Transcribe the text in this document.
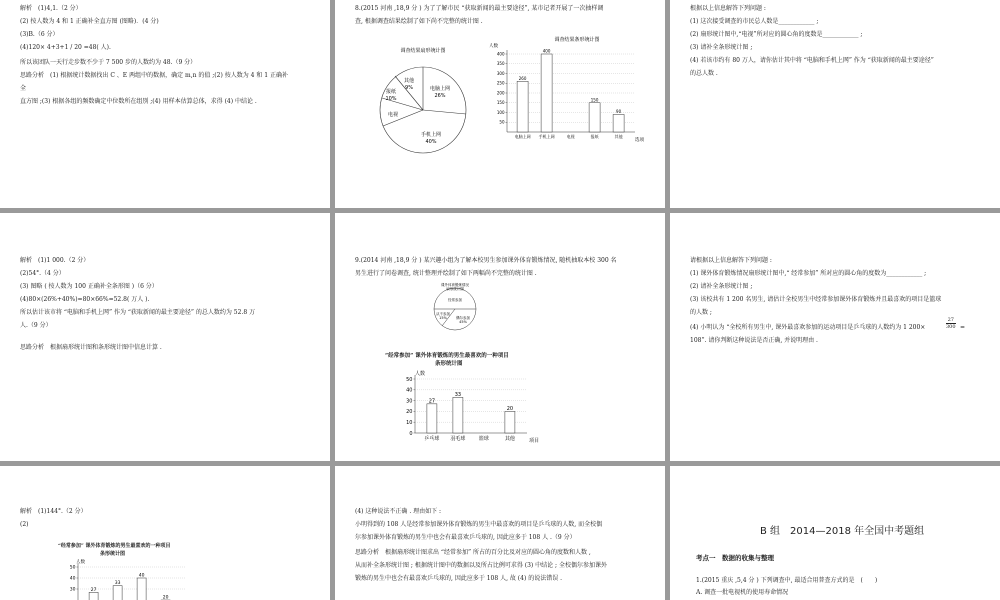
解析　(1)4,1.（2 分）

(2) 按人数为 4 和 1 正确补全直方图 (图略)．(4 分)

(3)B.（6 分）

(4)120× 4+3+1 / 20 =48( 人).

所以该团队一天行走步数不少于 7 500 步的人数约为 48.（9 分）

思路分析　(1) 根据统计数据找出 C 、E 两组中的数据，确定 m,n 的值 ;(2) 按人数为 4 和 1 正确补

全

直方图 ;(3) 根据各组的频数确定中位数所在组别 ;(4) 用样本估算总体，求得 (4) 中结论 .

8.(2015 河南 ,18,9 分 ) 为了了解市民 “获取新闻的最主要途径”, 某市记者开展了一次抽样调

查, 根据调查结果绘制了如下尚不完整的统计图 .

调查结果扇形统计图
电脑上网
26%
手机上网
40%
电视
报纸
10%
其他
9%
调查结果条形统计图
人数
选项
400
350
300
250
200
150
100
50
260
电脑上网
400
手机上网	电视
150
报纸
90
其他

根据以上信息解答下列问题 :

(1) 这次接受调查的市民总人数是____________ ;

(2) 扇形统计图中,“电视”所对应的圆心角的度数是____________ ;

(3) 请补全条形统计图 ;

(4) 若该市约有 80 万人，请你估计其中将 “电脑和手机上网” 作为 “获取新闻的最主要途径”

的总人数 .

解析　(1)1 000.（2 分）

(2)54°.（4 分）

(3) 图略 ( 按人数为 100 正确补全条形图 )（6 分）

(4)80×(26%+40%)=80×66%=52.8( 万人 ).

所以估计该市将 “电脑和手机上网” 作为 “获取新闻的最主要途径” 的总人数约为 52.8 万

人.（9 分）

思路分析　根据扇形统计图和条形统计图中信息计算 .

9.(2014 河南 ,18,9 分 ) 某兴趣小组为了解本校男生参加课外体育锻炼情况, 随机抽取本校 300 名

男生进行了问卷调查, 统计整理并绘制了如下两幅尚不完整的统计图 .

课外体育锻炼情况
扇形统计图
经常参加
从不参加
15%	偶尔参加
45%

“经常参加” 课外体育锻炼的男生最喜欢的一种项目

条形统计图

人数
项目
50
40
30
20
10
0
27
乒乓球
33
羽毛球	篮球
20
其他

请根据以上信息解答下列问题 :

(1) 课外体育锻炼情况扇形统计图中,“ 经常参加” 所对应的圆心角的度数为____________ ;

(2) 请补全条形统计图 ;

(3) 该校共有 1 200 名男生, 请估计全校男生中经常参加课外体育锻炼并且最喜欢的项目是篮球

的人数 ;

(4) 小明认为 “全校所有男生中, 课外最喜欢参加的运动项目是乒乓球的人数约为 1 200×	$\frac{27}{300}$ =

108”. 请你判断这种说法是否正确, 并说明理由 .

解析　(1)144°.（2 分）

(2)

“经常参加” 课外体育锻炼的男生最喜欢的一种项目

条形统计图

人数
50
40
30	27
33
40
20

(4) 这种说法不正确 . 理由如下 :

小明得到的 108 人是经常参加课外体育锻炼的男生中最喜欢的项目是乒乓球的人数, 而全校偶

尔参加课外体育锻炼的男生中也会有最喜欢乒乓球的, 因此应多于 108 人 .（9 分）

思路分析　根据扇形统计图求出 “经常参加” 所占的百分比及对应的圆心角的度数和人数 ,

从而补全条形统计图 ; 根据统计图中的数据以及所占比例可求得 (3) 中结论 ; 全校偶尔参加课外

锻炼的男生中也会有最喜欢乒乓球的, 因此应多于 108 人, 故 (4) 的说法错误 .

B 组　2014—2018 年全国中考题组

考点一　数据的收集与整理

1.(2015 重庆 ,5,4 分 ) 下列调查中, 最适合用普查方式的是　(　　)

A. 调查一批电视机的使用寿命情况
